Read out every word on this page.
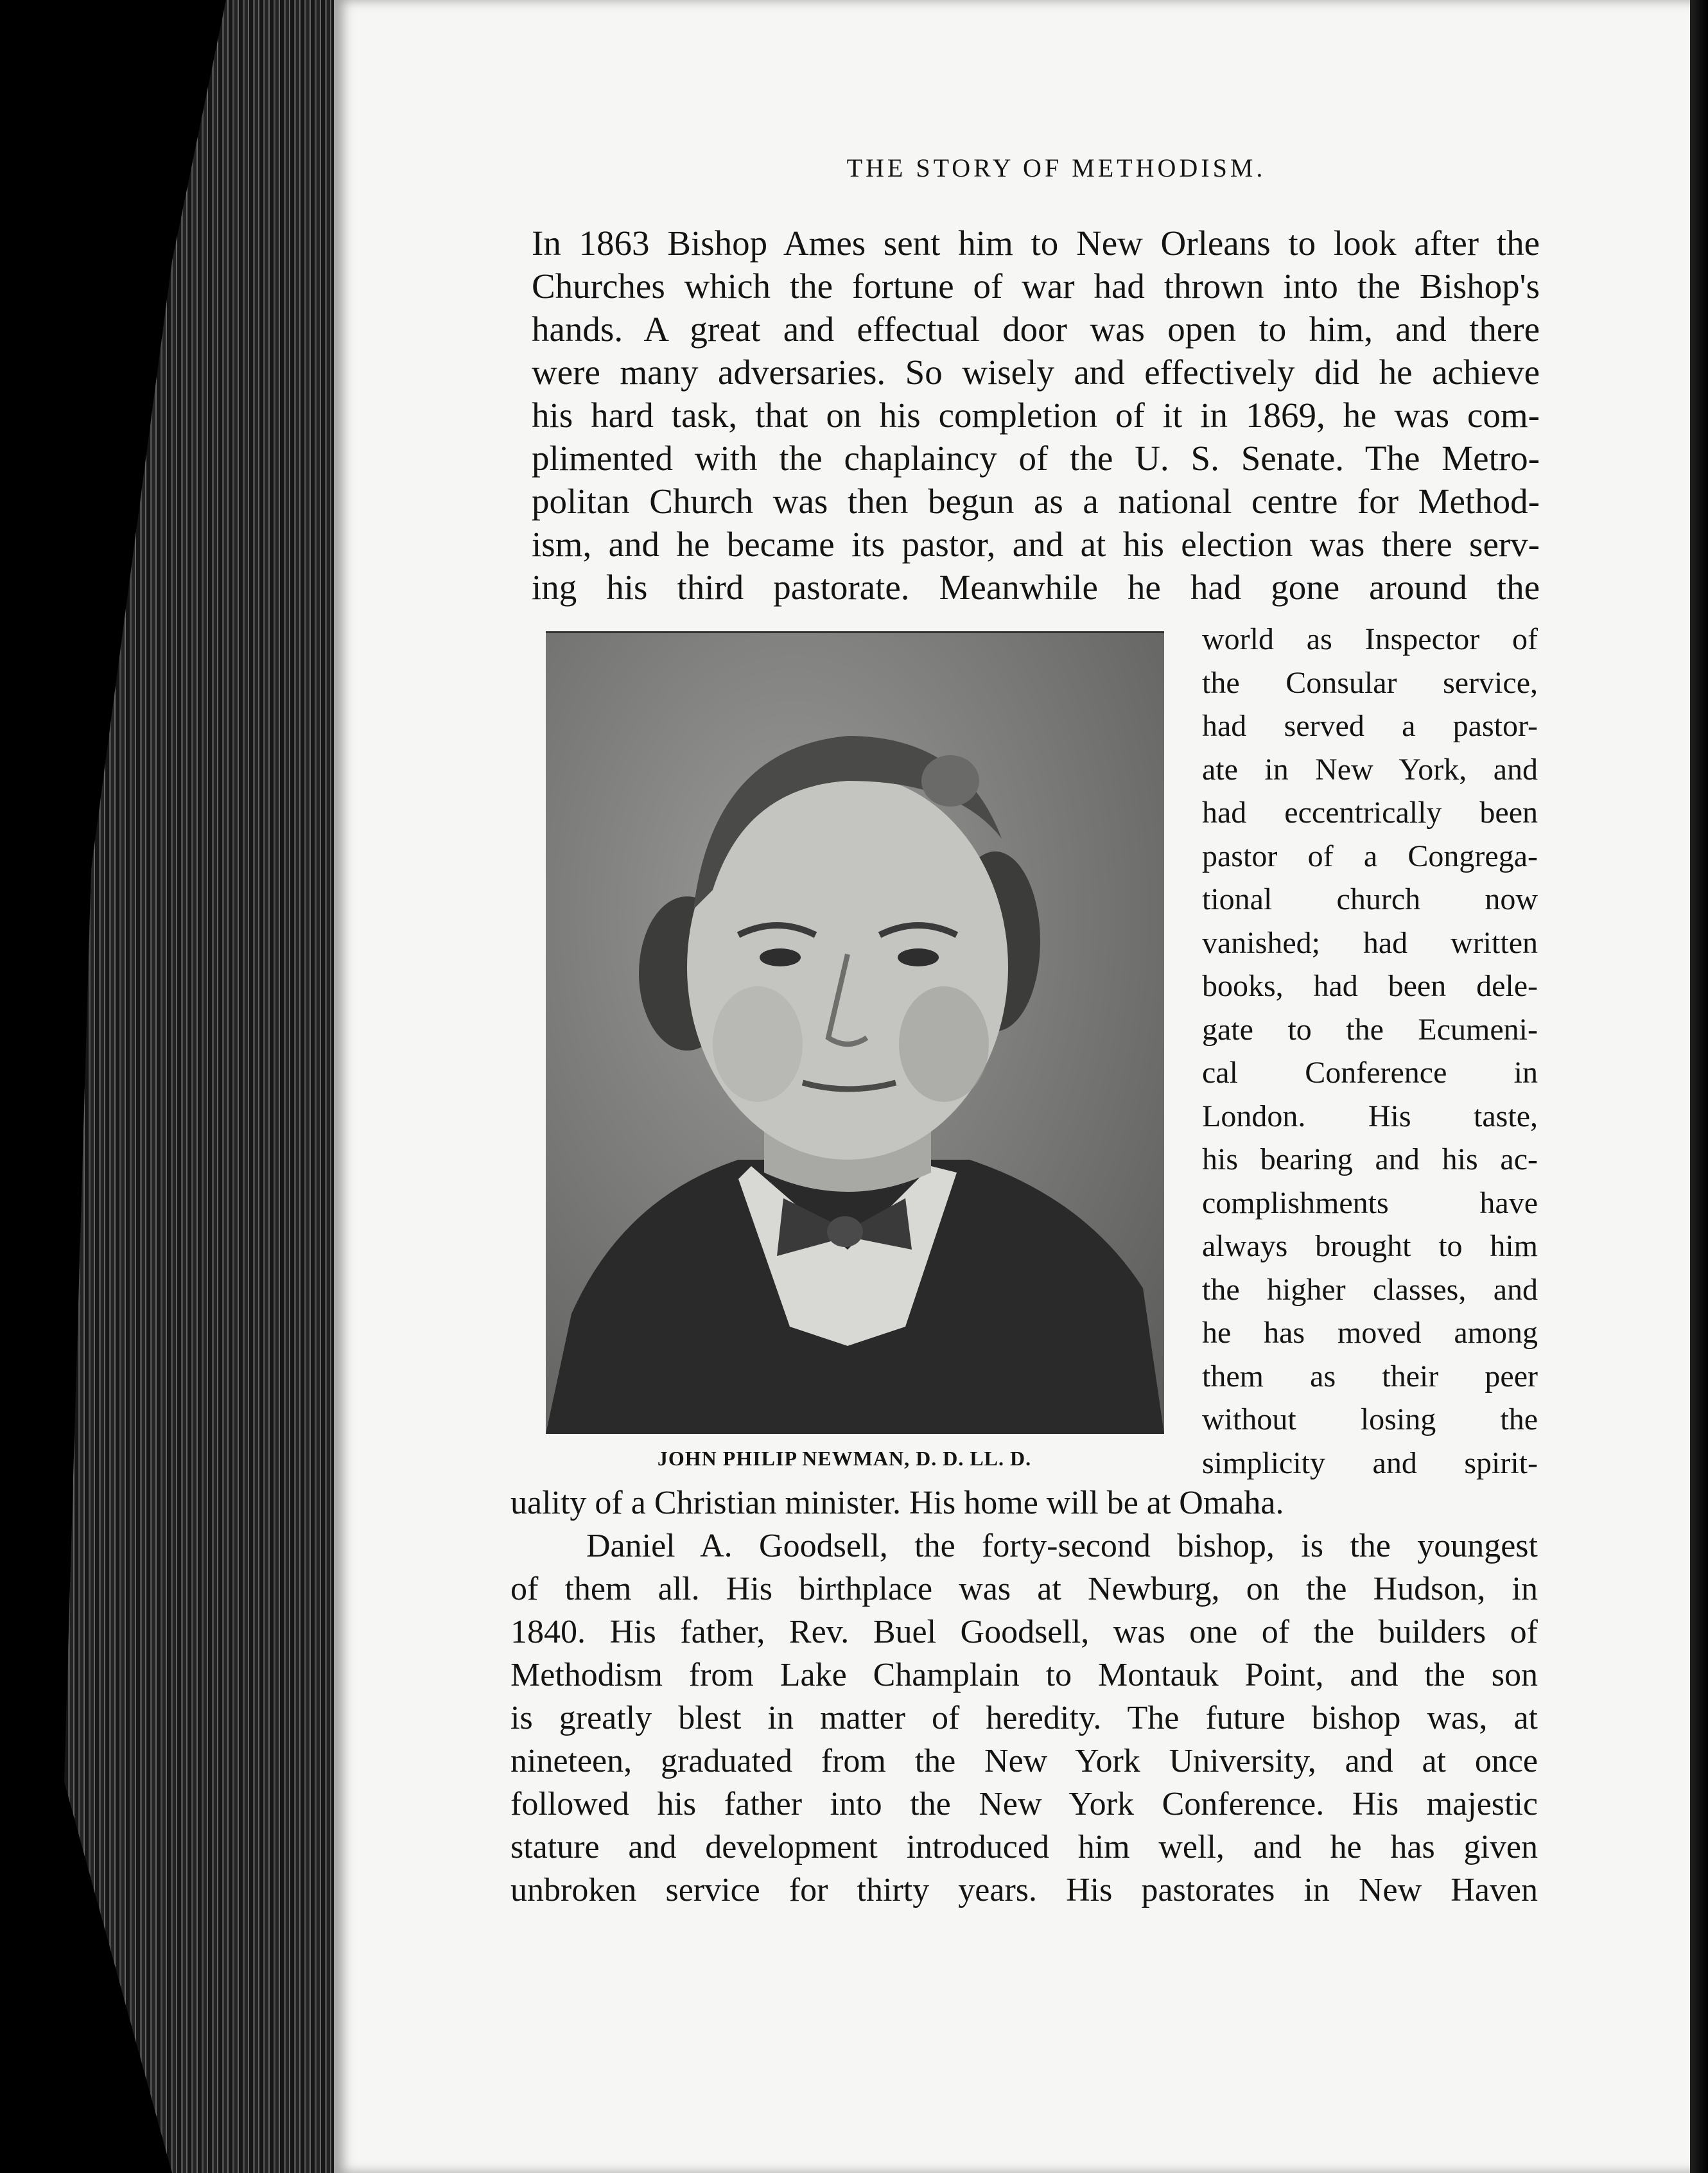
THE STORY OF METHODISM.

In 1863 Bishop Ames sent him to New Orleans to look after the
Churches which the fortune of war had thrown into the Bishop's
hands. A great and effectual door was open to him, and there
were many adversaries. So wisely and effectively did he achieve
his hard task, that on his completion of it in 1869, he was com-
plimented with the chaplaincy of the U. S. Senate. The Metro-
politan Church was then begun as a national centre for Method-
ism, and he became its pastor, and at his election was there serv-
ing his third pastorate. Meanwhile he had gone around the
world as Inspector of
the Consular service,
had served a pastor-
ate in New York, and
had eccentrically been
pastor of a Congrega-
tional church now
vanished; had written
books, had been dele-
gate to the Ecumeni-
cal Conference in
London. His taste,
his bearing and his ac-
complishments have
always brought to him
the higher classes, and
he has moved among
them as their peer
without losing the
simplicity and spirit-

JOHN PHILIP NEWMAN, D. D. LL. D.

uality of a Christian minister. His home will be at Omaha.
Daniel A. Goodsell, the forty-second bishop, is the youngest
of them all. His birthplace was at Newburg, on the Hudson, in
1840. His father, Rev. Buel Goodsell, was one of the builders of
Methodism from Lake Champlain to Montauk Point, and the son
is greatly blest in matter of heredity. The future bishop was, at
nineteen, graduated from the New York University, and at once
followed his father into the New York Conference. His majestic
stature and development introduced him well, and he has given
unbroken service for thirty years. His pastorates in New Haven
